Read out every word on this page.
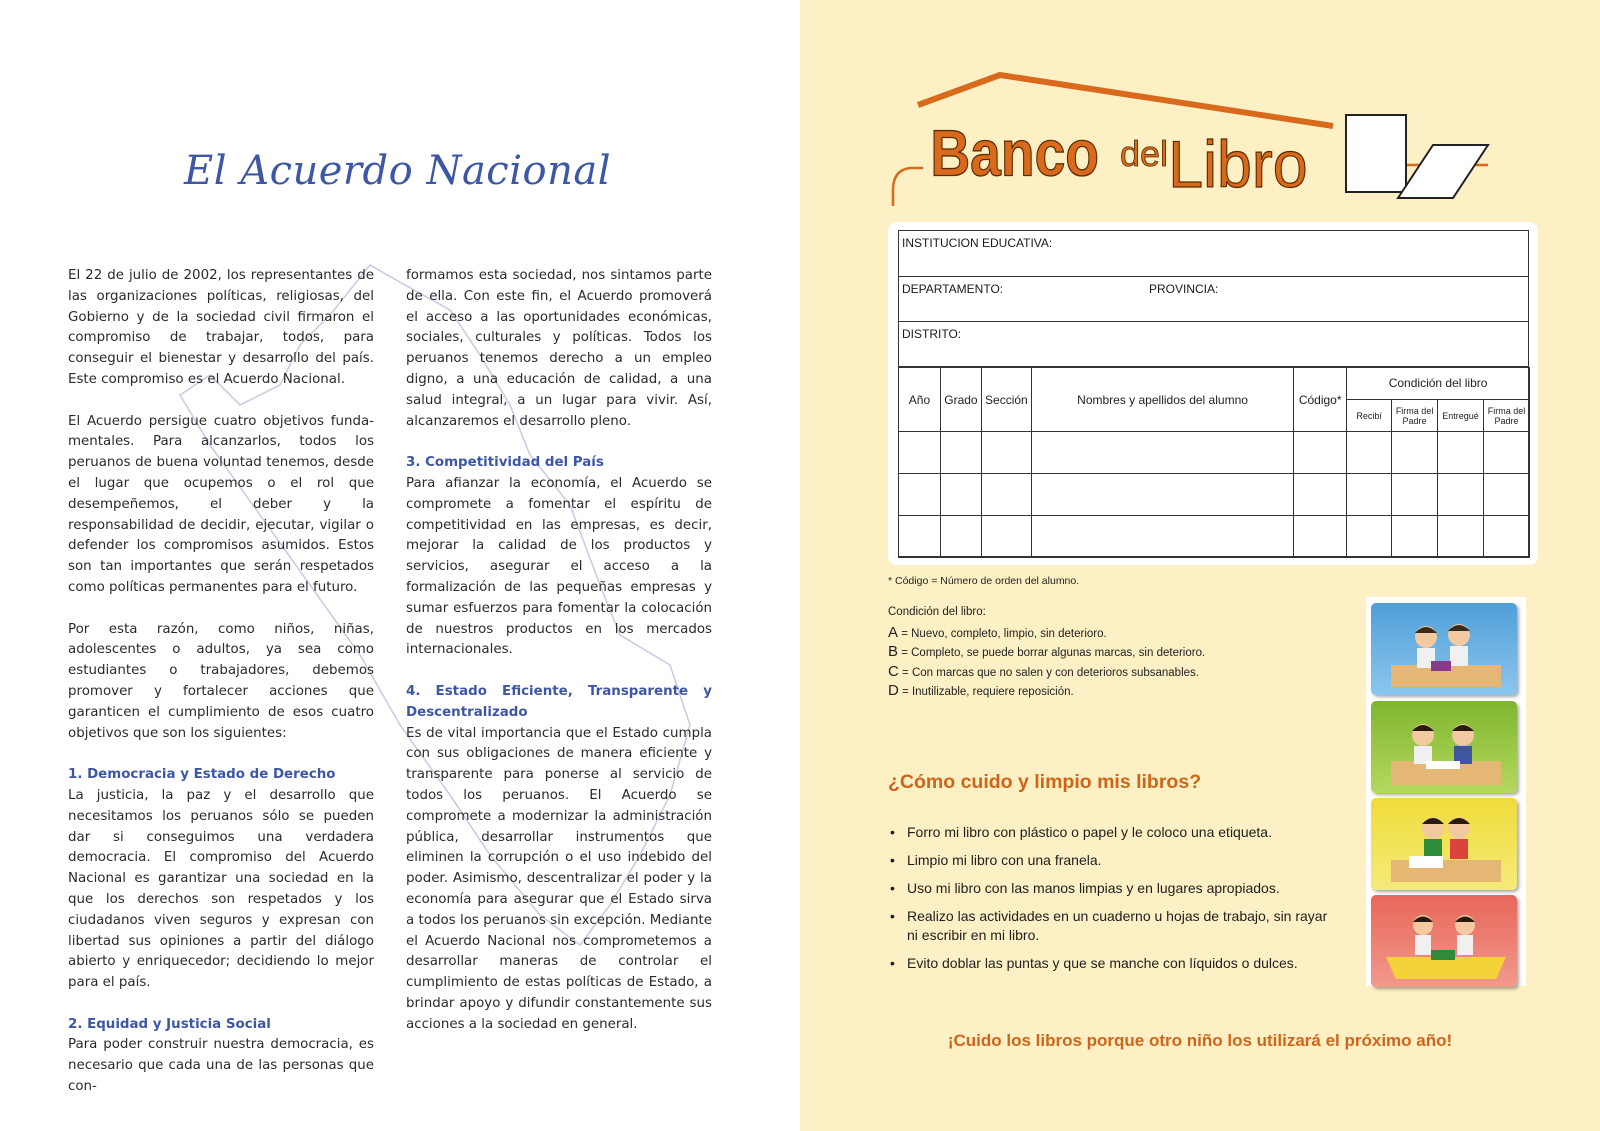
El Acuerdo Nacional

El 22 de julio de 2002, los representantes de las organizaciones políticas, religiosas, del Gobierno y de la sociedad civil firmaron el compromiso de trabajar, todos, para conseguir el bienestar y desarrollo del país. Este compromiso es el Acuerdo Nacional.

El Acuerdo persigue cuatro objetivos funda- mentales. Para alcanzarlos, todos los peruanos de buena voluntad tenemos, desde el lugar que ocupemos o el rol que desempeñemos, el deber y la responsabilidad de decidir, ejecutar, vigilar o defender los compromisos asumidos. Estos son tan importantes que serán respetados como políticas permanentes para el futuro.

Por esta razón, como niños, niñas, adolescentes o adultos, ya sea como estudiantes o trabajadores, debemos promover y fortalecer acciones que garanticen el cumplimiento de esos cuatro objetivos que son los siguientes:

1. Democracia y Estado de Derecho

La justicia, la paz y el desarrollo que necesitamos los peruanos sólo se pueden dar si conseguimos una verdadera democracia. El compromiso del Acuerdo Nacional es garantizar una sociedad en la que los derechos son respetados y los ciudadanos viven seguros y expresan con libertad sus opiniones a partir del diálogo abierto y enriquecedor; decidiendo lo mejor para el país.

2. Equidad y Justicia Social

Para poder construir nuestra democracia, es necesario que cada una de las personas que con-

formamos esta sociedad, nos sintamos parte de ella. Con este fin, el Acuerdo promoverá el acceso a las oportunidades económicas, sociales, culturales y políticas. Todos los peruanos tenemos derecho a un empleo digno, a una educación de calidad, a una salud integral, a un lugar para vivir. Así, alcanzaremos el desarrollo pleno.

3. Competitividad del País

Para afianzar la economía, el Acuerdo se compromete a fomentar el espíritu de competitividad en las empresas, es decir, mejorar la calidad de los productos y servicios, asegurar el acceso a la formalización de las pequeñas empresas y sumar esfuerzos para fomentar la colocación de nuestros productos en los mercados internacionales.

4. Estado Eficiente, Transparente y Descentralizado

Es de vital importancia que el Estado cumpla con sus obligaciones de manera eficiente y transparente para ponerse al servicio de todos los peruanos. El Acuerdo se compromete a modernizar la administración pública, desarrollar instrumentos que eliminen la corrupción o el uso indebido del poder. Asimismo, descentralizar el poder y la economía para asegurar que el Estado sirva a todos los peruanos sin excepción. Mediante el Acuerdo Nacional nos comprometemos a desarrollar maneras de controlar el cumplimiento de estas políticas de Estado, a brindar apoyo y difundir constantemente sus acciones a la sociedad en general.

Banco del Libro
INSTITUCION EDUCATIVA:
DEPARTAMENTO:	PROVINCIA:
DISTRITO:
Año	Grado	Sección	Nombres y apellidos del alumno	Código*	Condición del libro			
					Recibí	Firma del Padre	Entregué	Firma del Padre

* Código = Número de orden del alumno.
Condición del libro:
A = Nuevo, completo, limpio, sin deterioro.
B = Completo, se puede borrar algunas marcas, sin deterioro.
C = Con marcas que no salen y con deterioros subsanables.
D = Inutilizable, requiere reposición.
¿Cómo cuido y limpio mis libros?
• Forro mi libro con plástico o papel y le coloco una etiqueta.
• Limpio mi libro con una franela.
• Uso mi libro con las manos limpias y en lugares apropiados.
• Realizo las actividades en un cuaderno u hojas de trabajo, sin rayar ni escribir en mi libro.
• Evito doblar las puntas y que se manche con líquidos o dulces.
¡Cuido los libros porque otro niño los utilizará el próximo año!
